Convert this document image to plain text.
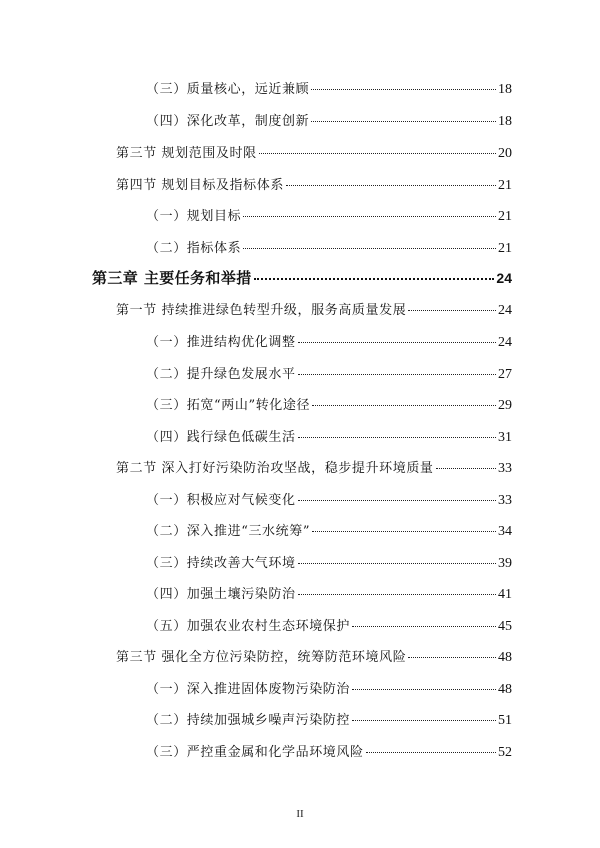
（三）质量核心，远近兼顾	18
（四）深化改革，制度创新	18
第三节 规划范围及时限	20
第四节 规划目标及指标体系	21
（一）规划目标	21
（二）指标体系	21
第三章 主要任务和举措	24
第一节 持续推进绿色转型升级，服务高质量发展	24
（一）推进结构优化调整	24
（二）提升绿色发展水平	27
（三）拓宽“两山”转化途径	29
（四）践行绿色低碳生活	31
第二节 深入打好污染防治攻坚战，稳步提升环境质量	33
（一）积极应对气候变化	33
（二）深入推进“三水统筹”	34
（三）持续改善大气环境	39
（四）加强土壤污染防治	41
（五）加强农业农村生态环境保护	45
第三节 强化全方位污染防控，统筹防范环境风险	48
（一）深入推进固体废物污染防治	48
（二）持续加强城乡噪声污染防控	51
（三）严控重金属和化学品环境风险	52
II
